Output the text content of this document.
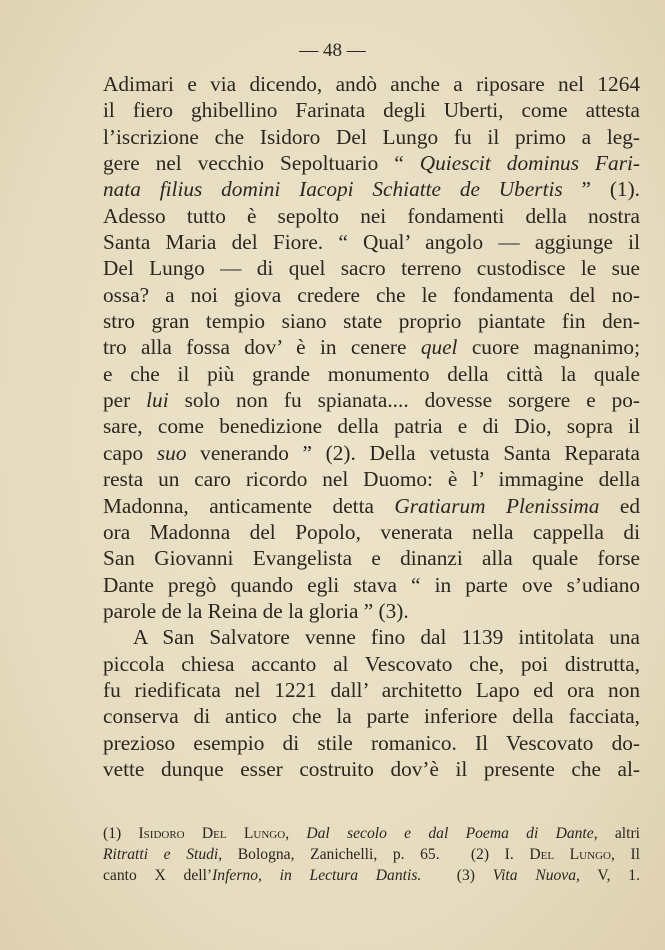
— 48 —
Adimari e via dicendo, andò anche a riposare nel 1264
il fiero ghibellino Farinata degli Uberti, come attesta
l’iscrizione che Isidoro Del Lungo fu il primo a leg-
gere nel vecchio Sepoltuario “ Quiescit dominus Fari-
nata filius domini Iacopi Schiatte de Ubertis ” (1).
Adesso tutto è sepolto nei fondamenti della nostra
Santa Maria del Fiore. “ Qual’ angolo — aggiunge il
Del Lungo — di quel sacro terreno custodisce le sue
ossa? a noi giova credere che le fondamenta del no-
stro gran tempio siano state proprio piantate fin den-
tro alla fossa dov’ è in cenere quel cuore magnanimo;
e che il più grande monumento della città la quale
per lui solo non fu spianata.... dovesse sorgere e po-
sare, come benedizione della patria e di Dio, sopra il
capo suo venerando ” (2). Della vetusta Santa Reparata
resta un caro ricordo nel Duomo: è l’ immagine della
Madonna, anticamente detta Gratiarum Plenissima ed
ora Madonna del Popolo, venerata nella cappella di
San Giovanni Evangelista e dinanzi alla quale forse
Dante pregò quando egli stava “ in parte ove s’udiano
parole de la Reina de la gloria ” (3).
A San Salvatore venne fino dal 1139 intitolata una
piccola chiesa accanto al Vescovato che, poi distrutta,
fu riedificata nel 1221 dall’ architetto Lapo ed ora non
conserva di antico che la parte inferiore della facciata,
prezioso esempio di stile romanico. Il Vescovato do-
vette dunque esser costruito dov’è il presente che al-
(1) Isidoro Del Lungo, Dal secolo e dal Poema di Dante, altri
Ritratti e Studi, Bologna, Zanichelli, p. 65.  (2) I. Del Lungo, Il
canto X dell’Inferno, in Lectura Dantis.  (3) Vita Nuova, V, 1.
